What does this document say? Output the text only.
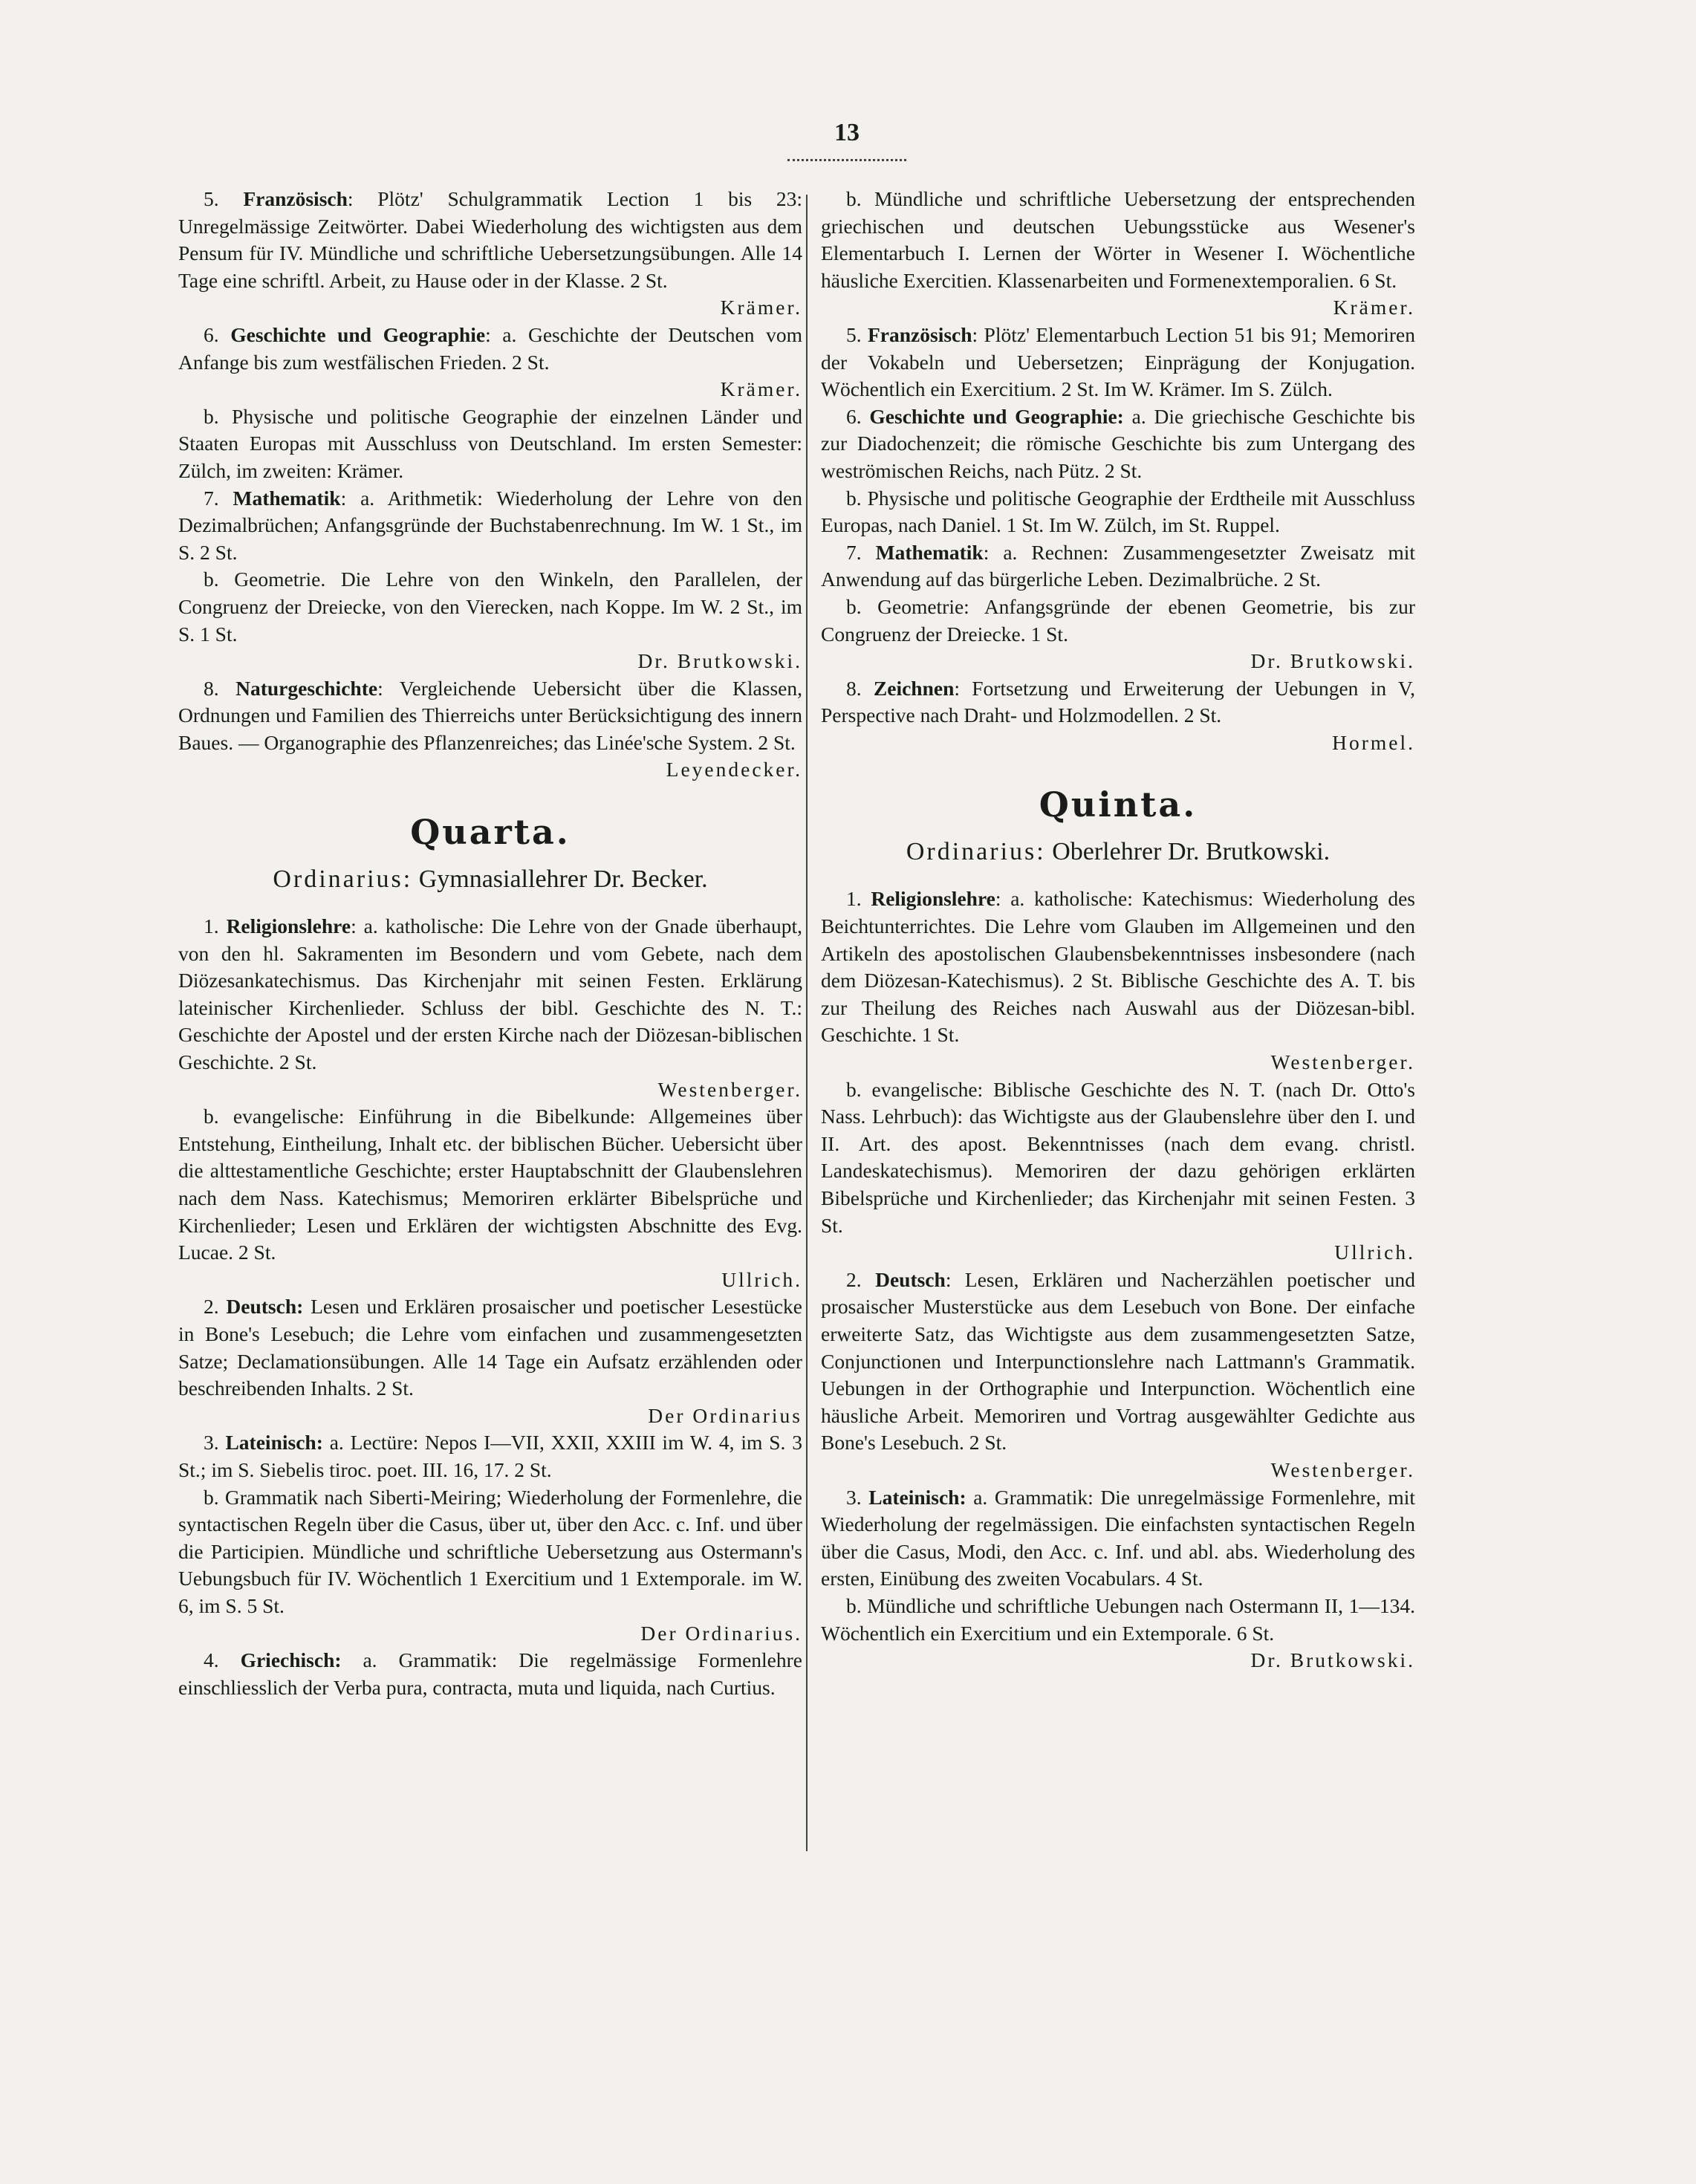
13

5. Französisch: Plötz' Schulgrammatik Lection 1 bis 23: Unregelmässige Zeitwörter. Dabei Wiederholung des wichtigsten aus dem Pensum für IV. Mündliche und schriftliche Uebersetzungsübungen. Alle 14 Tage eine schriftl. Arbeit, zu Hause oder in der Klasse. 2 St.

Krämer.

6. Geschichte und Geographie: a. Geschichte der Deutschen vom Anfange bis zum westfälischen Frieden. 2 St.

Krämer.

b. Physische und politische Geographie der einzelnen Länder und Staaten Europas mit Ausschluss von Deutschland. Im ersten Semester: Zülch, im zweiten: Krämer.

7. Mathematik: a. Arithmetik: Wiederholung der Lehre von den Dezimalbrüchen; Anfangsgründe der Buchstabenrechnung. Im W. 1 St., im S. 2 St.

b. Geometrie. Die Lehre von den Winkeln, den Parallelen, der Congruenz der Dreiecke, von den Vierecken, nach Koppe. Im W. 2 St., im S. 1 St.

Dr. Brutkowski.

8. Naturgeschichte: Vergleichende Uebersicht über die Klassen, Ordnungen und Familien des Thierreichs unter Berücksichtigung des innern Baues. — Organographie des Pflanzenreiches; das Linée'sche System. 2 St.

Leyendecker.

Quarta.
Ordinarius: Gymnasiallehrer Dr. Becker.

1. Religionslehre: a. katholische: Die Lehre von der Gnade überhaupt, von den hl. Sakramenten im Besondern und vom Gebete, nach dem Diözesankatechismus. Das Kirchenjahr mit seinen Festen. Erklärung lateinischer Kirchenlieder. Schluss der bibl. Geschichte des N. T.: Geschichte der Apostel und der ersten Kirche nach der Diözesan-biblischen Geschichte. 2 St.

Westenberger.

b. evangelische: Einführung in die Bibelkunde: Allgemeines über Entstehung, Eintheilung, Inhalt etc. der biblischen Bücher. Uebersicht über die alttestamentliche Geschichte; erster Hauptabschnitt der Glaubenslehren nach dem Nass. Katechismus; Memoriren erklärter Bibelsprüche und Kirchenlieder; Lesen und Erklären der wichtigsten Abschnitte des Evg. Lucae. 2 St.

Ullrich.

2. Deutsch: Lesen und Erklären prosaischer und poetischer Lesestücke in Bone's Lesebuch; die Lehre vom einfachen und zusammengesetzten Satze; Declamationsübungen. Alle 14 Tage ein Aufsatz erzählenden oder beschreibenden Inhalts. 2 St.

Der Ordinarius

3. Lateinisch: a. Lectüre: Nepos I—VII, XXII, XXIII im W. 4, im S. 3 St.; im S. Siebelis tiroc. poet. III. 16, 17. 2 St.

b. Grammatik nach Siberti-Meiring; Wiederholung der Formenlehre, die syntactischen Regeln über die Casus, über ut, über den Acc. c. Inf. und über die Participien. Mündliche und schriftliche Uebersetzung aus Ostermann's Uebungsbuch für IV. Wöchentlich 1 Exercitium und 1 Extemporale. im W. 6, im S. 5 St.

Der Ordinarius.

4. Griechisch: a. Grammatik: Die regelmässige Formenlehre einschliesslich der Verba pura, contracta, muta und liquida, nach Curtius.

b. Mündliche und schriftliche Uebersetzung der entsprechenden griechischen und deutschen Uebungsstücke aus Wesener's Elementarbuch I. Lernen der Wörter in Wesener I. Wöchentliche häusliche Exercitien. Klassenarbeiten und Formenextemporalien. 6 St.

Krämer.

5. Französisch: Plötz' Elementarbuch Lection 51 bis 91; Memoriren der Vokabeln und Uebersetzen; Einprägung der Konjugation. Wöchentlich ein Exercitium. 2 St. Im W. Krämer. Im S. Zülch.

6. Geschichte und Geographie: a. Die griechische Geschichte bis zur Diadochenzeit; die römische Geschichte bis zum Untergang des weströmischen Reichs, nach Pütz. 2 St.

b. Physische und politische Geographie der Erdtheile mit Ausschluss Europas, nach Daniel. 1 St. Im W. Zülch, im St. Ruppel.

7. Mathematik: a. Rechnen: Zusammengesetzter Zweisatz mit Anwendung auf das bürgerliche Leben. Dezimalbrüche. 2 St.

b. Geometrie: Anfangsgründe der ebenen Geometrie, bis zur Congruenz der Dreiecke. 1 St.

Dr. Brutkowski.

8. Zeichnen: Fortsetzung und Erweiterung der Uebungen in V, Perspective nach Draht- und Holzmodellen. 2 St.

Hormel.

Quinta.
Ordinarius: Oberlehrer Dr. Brutkowski.

1. Religionslehre: a. katholische: Katechismus: Wiederholung des Beichtunterrichtes. Die Lehre vom Glauben im Allgemeinen und den Artikeln des apostolischen Glaubensbekenntnisses insbesondere (nach dem Diözesan-Katechismus). 2 St. Biblische Geschichte des A. T. bis zur Theilung des Reiches nach Auswahl aus der Diözesan-bibl. Geschichte. 1 St.

Westenberger.

b. evangelische: Biblische Geschichte des N. T. (nach Dr. Otto's Nass. Lehrbuch): das Wichtigste aus der Glaubenslehre über den I. und II. Art. des apost. Bekenntnisses (nach dem evang. christl. Landeskatechismus). Memoriren der dazu gehörigen erklärten Bibelsprüche und Kirchenlieder; das Kirchenjahr mit seinen Festen. 3 St.

Ullrich.

2. Deutsch: Lesen, Erklären und Nacherzählen poetischer und prosaischer Musterstücke aus dem Lesebuch von Bone. Der einfache erweiterte Satz, das Wichtigste aus dem zusammengesetzten Satze, Conjunctionen und Interpunctionslehre nach Lattmann's Grammatik. Uebungen in der Orthographie und Interpunction. Wöchentlich eine häusliche Arbeit. Memoriren und Vortrag ausgewählter Gedichte aus Bone's Lesebuch. 2 St.

Westenberger.

3. Lateinisch: a. Grammatik: Die unregelmässige Formenlehre, mit Wiederholung der regelmässigen. Die einfachsten syntactischen Regeln über die Casus, Modi, den Acc. c. Inf. und abl. abs. Wiederholung des ersten, Einübung des zweiten Vocabulars. 4 St.

b. Mündliche und schriftliche Uebungen nach Ostermann II, 1—134. Wöchentlich ein Exercitium und ein Extemporale. 6 St.

Dr. Brutkowski.
